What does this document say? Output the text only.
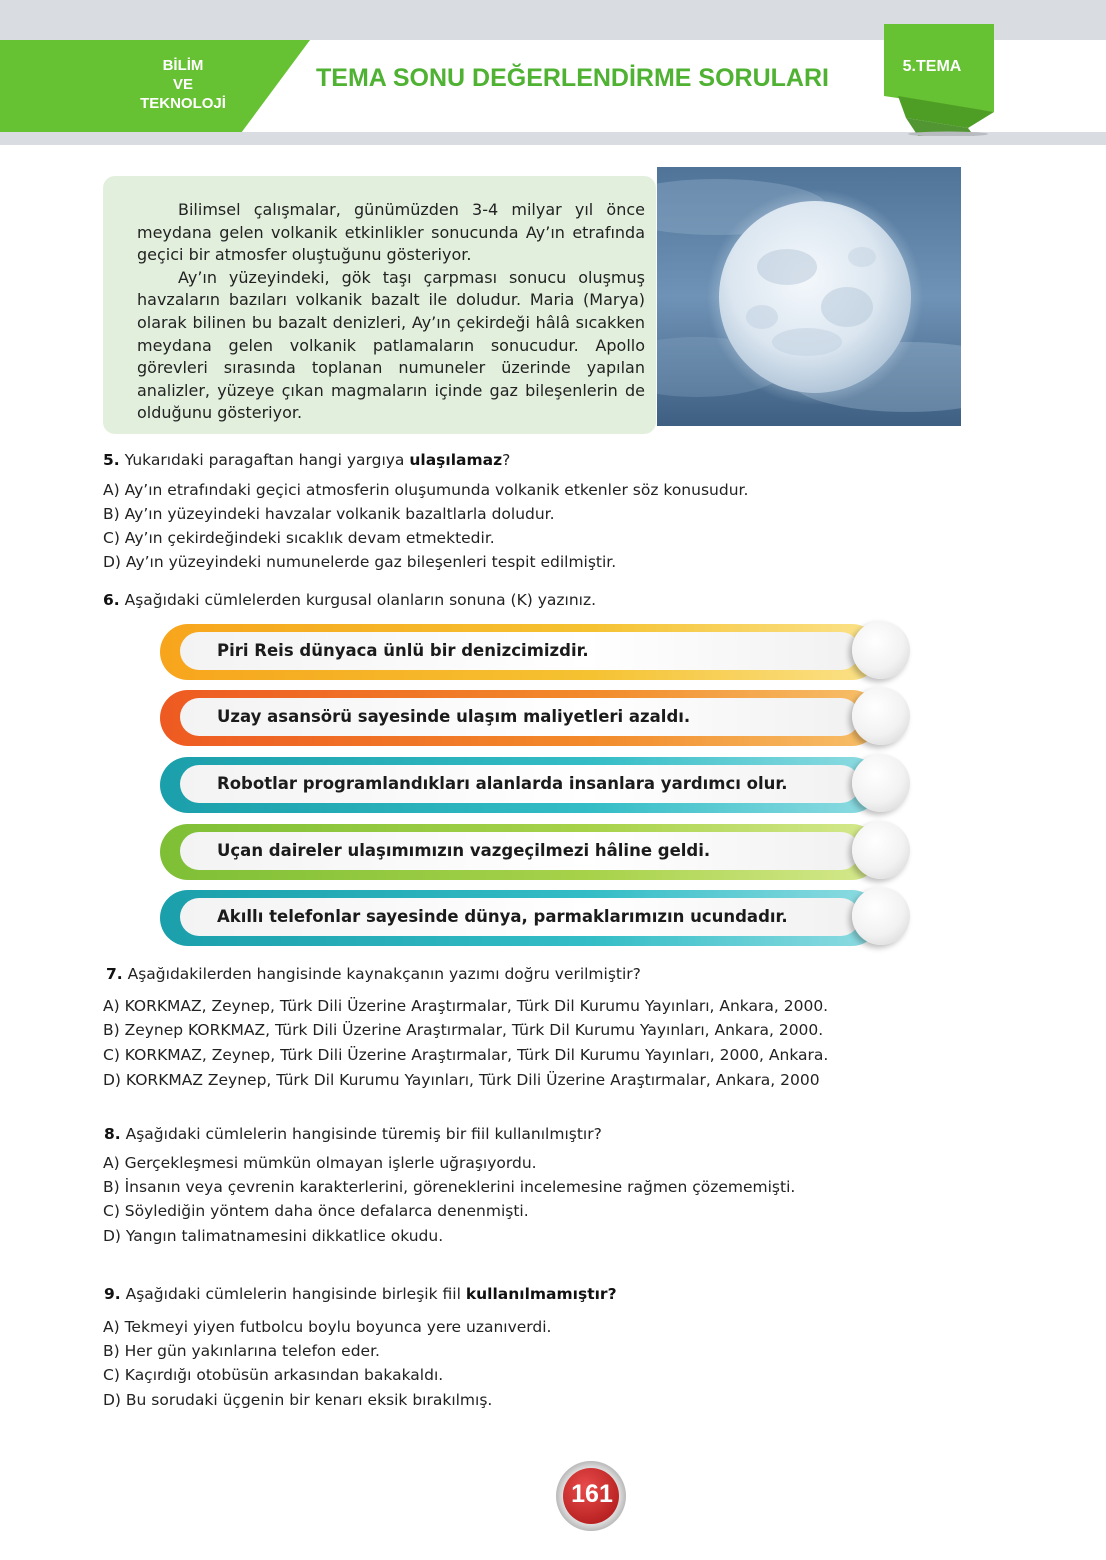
BİLİM
VE
TEKNOLOJİ
TEMA SONU DEĞERLENDİRME SORULARI	5.TEMA

Bilimsel çalışmalar, günümüzden 3-4 milyar yıl önce meydana gelen volkanik etkinlikler sonucunda Ay’ın etrafında geçici bir atmosfer oluştuğunu gösteriyor.

Ay’ın yüzeyindeki, gök taşı çarpması sonucu oluşmuş havzaların bazıları volkanik bazalt ile doludur. Maria (Marya) olarak bilinen bu bazalt denizleri, Ay’ın çekirdeği hâlâ sıcakken meydana gelen volkanik patlamaların sonucudur. Apollo görevleri sırasında toplanan numuneler üzerinde yapılan analizler, yüzeye çıkan magmaların içinde gaz bileşenlerin de olduğunu gösteriyor.

5. Yukarıdaki paragaftan hangi yargıya ulaşılamaz?
A) Ay’ın etrafındaki geçici atmosferin oluşumunda volkanik etkenler söz konusudur.
B) Ay’ın yüzeyindeki havzalar volkanik bazaltlarla doludur.
C) Ay’ın çekirdeğindeki sıcaklık devam etmektedir.
D) Ay’ın yüzeyindeki numunelerde gaz bileşenleri tespit edilmiştir.
6. Aşağıdaki cümlelerden kurgusal olanların sonuna (K) yazınız.
Piri Reis dünyaca ünlü bir denizcimizdir.
Uzay asansörü sayesinde ulaşım maliyetleri azaldı.
Robotlar programlandıkları alanlarda insanlara yardımcı olur.
Uçan daireler ulaşımımızın vazgeçilmezi hâline geldi.
Akıllı telefonlar sayesinde dünya, parmaklarımızın ucundadır.
7. Aşağıdakilerden hangisinde kaynakçanın yazımı doğru verilmiştir?
A) KORKMAZ, Zeynep, Türk Dili Üzerine Araştırmalar, Türk Dil Kurumu Yayınları, Ankara, 2000.
B) Zeynep KORKMAZ, Türk Dili Üzerine Araştırmalar, Türk Dil Kurumu Yayınları, Ankara, 2000.
C) KORKMAZ, Zeynep, Türk Dili Üzerine Araştırmalar, Türk Dil Kurumu Yayınları, 2000, Ankara.
D) KORKMAZ Zeynep, Türk Dil Kurumu Yayınları, Türk Dili Üzerine Araştırmalar, Ankara, 2000
8. Aşağıdaki cümlelerin hangisinde türemiş bir fiil kullanılmıştır?
A) Gerçekleşmesi mümkün olmayan işlerle uğraşıyordu.
B) İnsanın veya çevrenin karakterlerini, göreneklerini incelemesine rağmen çözememişti.
C) Söylediğin yöntem daha önce defalarca denenmişti.
D) Yangın talimatnamesini dikkatlice okudu.
9. Aşağıdaki cümlelerin hangisinde birleşik fiil kullanılmamıştır?
A) Tekmeyi yiyen futbolcu boylu boyunca yere uzanıverdi.
B) Her gün yakınlarına telefon eder.
C) Kaçırdığı otobüsün arkasından bakakaldı.
D) Bu sorudaki üçgenin bir kenarı eksik bırakılmış.
161
